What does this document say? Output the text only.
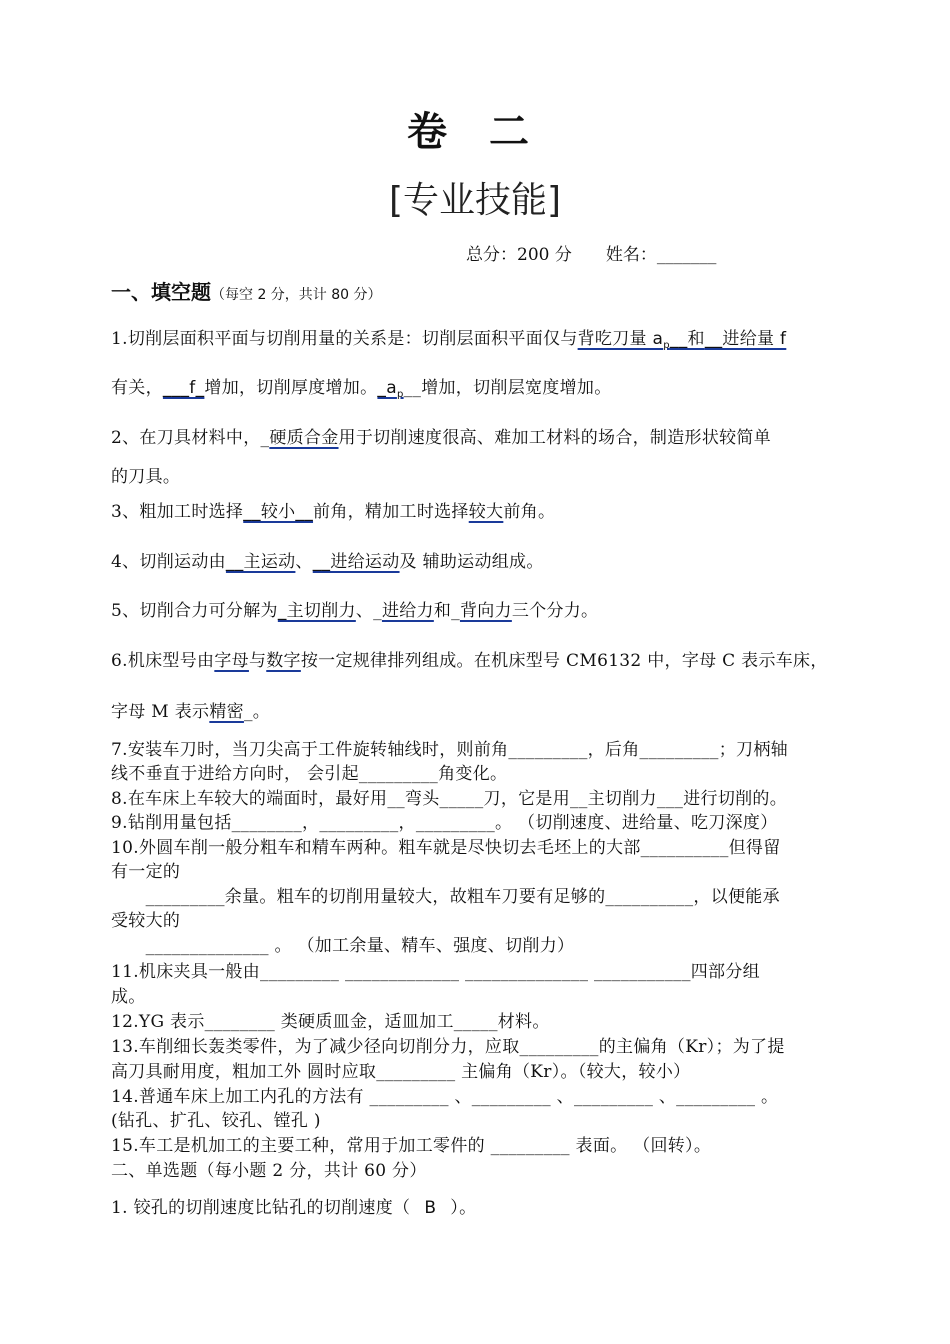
卷 二
[专业技能]
总分：200 分　　姓名：_______
一、填空题（每空 2 分，共计 80 分）
1.切削层面积平面与切削用量的关系是：切削层面积平面仅与背吃刀量 $a_p\_\_$和__进给量 f
有关，___f_增加，切削厚度增加。$\_a_p\_\_$增加，切削层宽度增加。
2、在刀具材料中，_硬质合金用于切削速度很高、难加工材料的场合，制造形状较简单
的刀具。
3、粗加工时选择__较小__前角，精加工时选择较大前角。
4、切削运动由__主运动、__进给运动及 辅助运动组成。
5、切削合力可分解为_主切削力、_进给力和_背向力三个分力。
6.机床型号由字母与数字按一定规律排列组成。在机床型号 CM6132 中，字母 C 表示车床，
字母 M 表示精密_。
7.安装车刀时，当刀尖高于工件旋转轴线时，则前角_________，后角_________；刀柄轴
线不垂直于进给方向时， 会引起_________角变化。
8.在车床上车较大的端面时，最好用__弯头_____刀，它是用__主切削力___进行切削的。
9.钻削用量包括________，_________，_________。 （切削速度、进给量、吃刀深度）
10.外圆车削一般分粗车和精车两种。粗车就是尽快切去毛坯上的大部__________但得留
有一定的
　　_________余量。粗车的切削用量较大，故粗车刀要有足够的__________，以便能承
受较大的
　　______________ 。 （加工余量、精车、强度、切削力）
11.机床夹具一般由_________ _____________ ______________ ___________四部分组
成。
12.YG 表示________ 类硬质皿金，适皿加工_____材料。
13.车削细长轰类零件，为了减少径向切削分力，应取_________的主偏角（Kr）；为了提
高刀具耐用度，粗加工外 圆时应取_________ 主偏角（Kr）。（较大，较小）
14.普通车床上加工内孔的方法有 _________ 、_________ 、_________ 、_________ 。
(钻孔、扩孔、铰孔、镗孔 )
15.车工是机加工的主要工种，常用于加工零件的 _________ 表面。 （回转）。
二、单选题（每小题 2 分，共计 60 分）
1. 铰孔的切削速度比钻孔的切削速度（ B ）。
